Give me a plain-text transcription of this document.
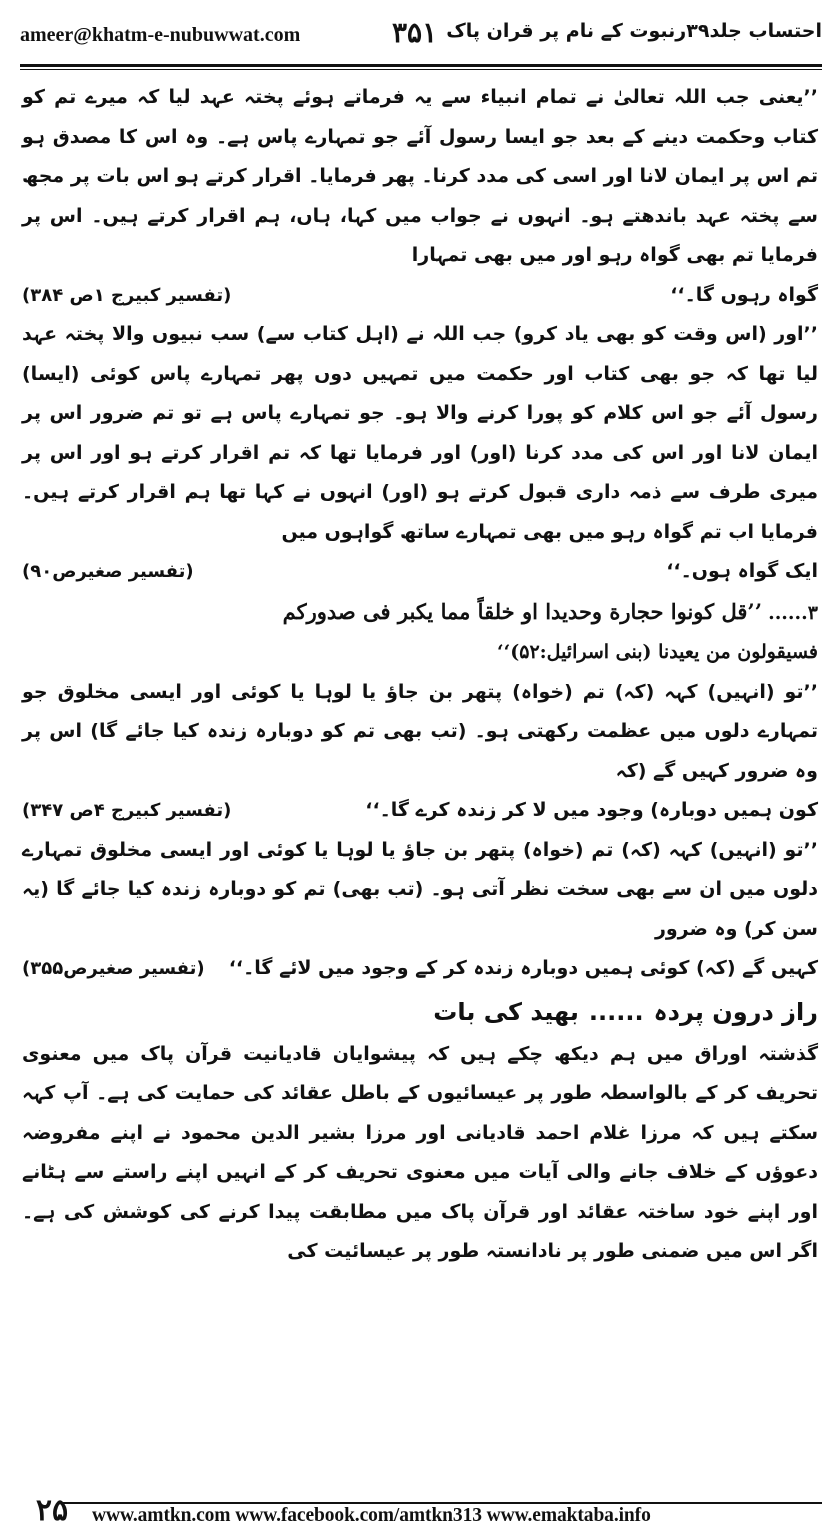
ameer@khatm-e-nubuwwat.com	۳۵۱ احتساب جلد۳۹رنبوت کے نام پر قران پاک
’’یعنی جب اللہ تعالیٰ نے تمام انبیاء سے یہ فرماتے ہوئے پختہ عہد لیا کہ میرے تم کو کتاب وحکمت دینے کے بعد جو ایسا رسول آئے جو تمہارے پاس ہے۔ وہ اس کا مصدق ہو تم اس پر ایمان لانا اور اسی کی مدد کرنا۔ پھر فرمایا۔ اقرار کرتے ہو اس بات پر مجھ سے پختہ عہد باندھتے ہو۔ انہوں نے جواب میں کہا، ہاں، ہم اقرار کرتے ہیں۔ اس پر فرمایا تم بھی گواہ رہو اور میں بھی تمہارا
گواہ رہوں گا۔‘‘
(تفسیر کبیرج ۱ص ۳۸۴)
’’اور (اس وقت کو بھی یاد کرو) جب اللہ نے (اہل کتاب سے) سب نبیوں والا پختہ عہد لیا تھا کہ جو بھی کتاب اور حکمت میں تمہیں دوں پھر تمہارے پاس کوئی (ایسا) رسول آئے جو اس کلام کو پورا کرنے والا ہو۔ جو تمہارے پاس ہے تو تم ضرور اس پر ایمان لانا اور اس کی مدد کرنا (اور) اور فرمایا تھا کہ تم اقرار کرتے ہو اور اس پر میری طرف سے ذمہ داری قبول کرتے ہو (اور) انہوں نے کہا تھا ہم اقرار کرتے ہیں۔ فرمایا اب تم گواہ رہو میں بھی تمہارے ساتھ گواہوں میں
ایک گواہ ہوں۔‘‘
(تفسیر صغیرص۹۰)
۳...... ’’قل کونوا حجارة وحدیدا او خلقاً مما یکبر فی صدورکم
فسیقولون من یعیدنا (بنی اسرائیل:۵۲)‘‘
’’تو (انہیں) کہہ (کہ) تم (خواہ) پتھر بن جاؤ یا لوہا یا کوئی اور ایسی مخلوق جو تمہارے دلوں میں عظمت رکھتی ہو۔ (تب بھی تم کو دوبارہ زندہ کیا جائے گا) اس پر وہ ضرور کہیں گے (کہ
کون ہمیں دوبارہ) وجود میں لا کر زندہ کرے گا۔‘‘
(تفسیر کبیرج ۴ص ۳۴۷)
’’تو (انہیں) کہہ (کہ) تم (خواہ) پتھر بن جاؤ یا لوہا یا کوئی اور ایسی مخلوق تمہارے دلوں میں ان سے بھی سخت نظر آتی ہو۔ (تب بھی) تم کو دوبارہ زندہ کیا جائے گا (یہ سن کر) وہ ضرور
کہیں گے (کہ) کوئی ہمیں دوبارہ زندہ کر کے وجود میں لائے گا۔‘‘
(تفسیر صغیرص۳۵۵)
راز درون پردہ......بھید کی بات
گذشتہ اوراق میں ہم دیکھ چکے ہیں کہ پیشوایان قادیانیت قرآن پاک میں معنوی تحریف کر کے بالواسطہ طور پر عیسائیوں کے باطل عقائد کی حمایت کی ہے۔ آپ کہہ سکتے ہیں کہ مرزا غلام احمد قادیانی اور مرزا بشیر الدین محمود نے اپنے مفروضہ دعوؤں کے خلاف جانے والی آیات میں معنوی تحریف کر کے انہیں اپنے راستے سے ہٹانے اور اپنے خود ساختہ عقائد اور قرآن پاک میں مطابقت پیدا کرنے کی کوشش کی ہے۔ اگر اس میں ضمنی طور پر نادانستہ طور پر عیسائیت کی
۲۵	www.amtkn.com www.facebook.com/amtkn313 www.emaktaba.info
